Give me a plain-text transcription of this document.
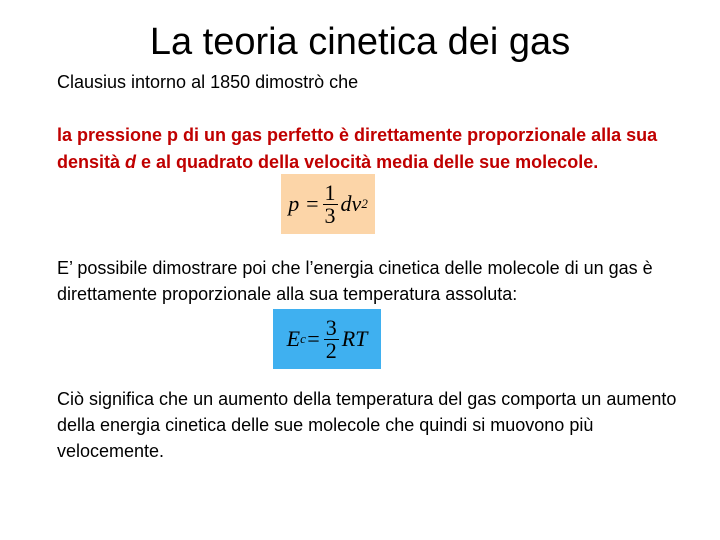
La teoria cinetica dei gas
Clausius intorno al 1850 dimostrò che
la pressione p di un gas perfetto è direttamente proporzionale alla sua densità d e al quadrato della velocità media delle sue molecole.
$p = \frac{1}{3}$ dv 2
E’ possibile dimostrare poi che l’energia cinetica delle molecole di un gas è direttamente proporzionale alla sua temperatura assoluta:
E $c = \frac{3}{2}$ RT
Ciò significa che un aumento della temperatura del gas comporta un aumento della energia cinetica delle sue molecole che quindi si muovono più velocemente.
